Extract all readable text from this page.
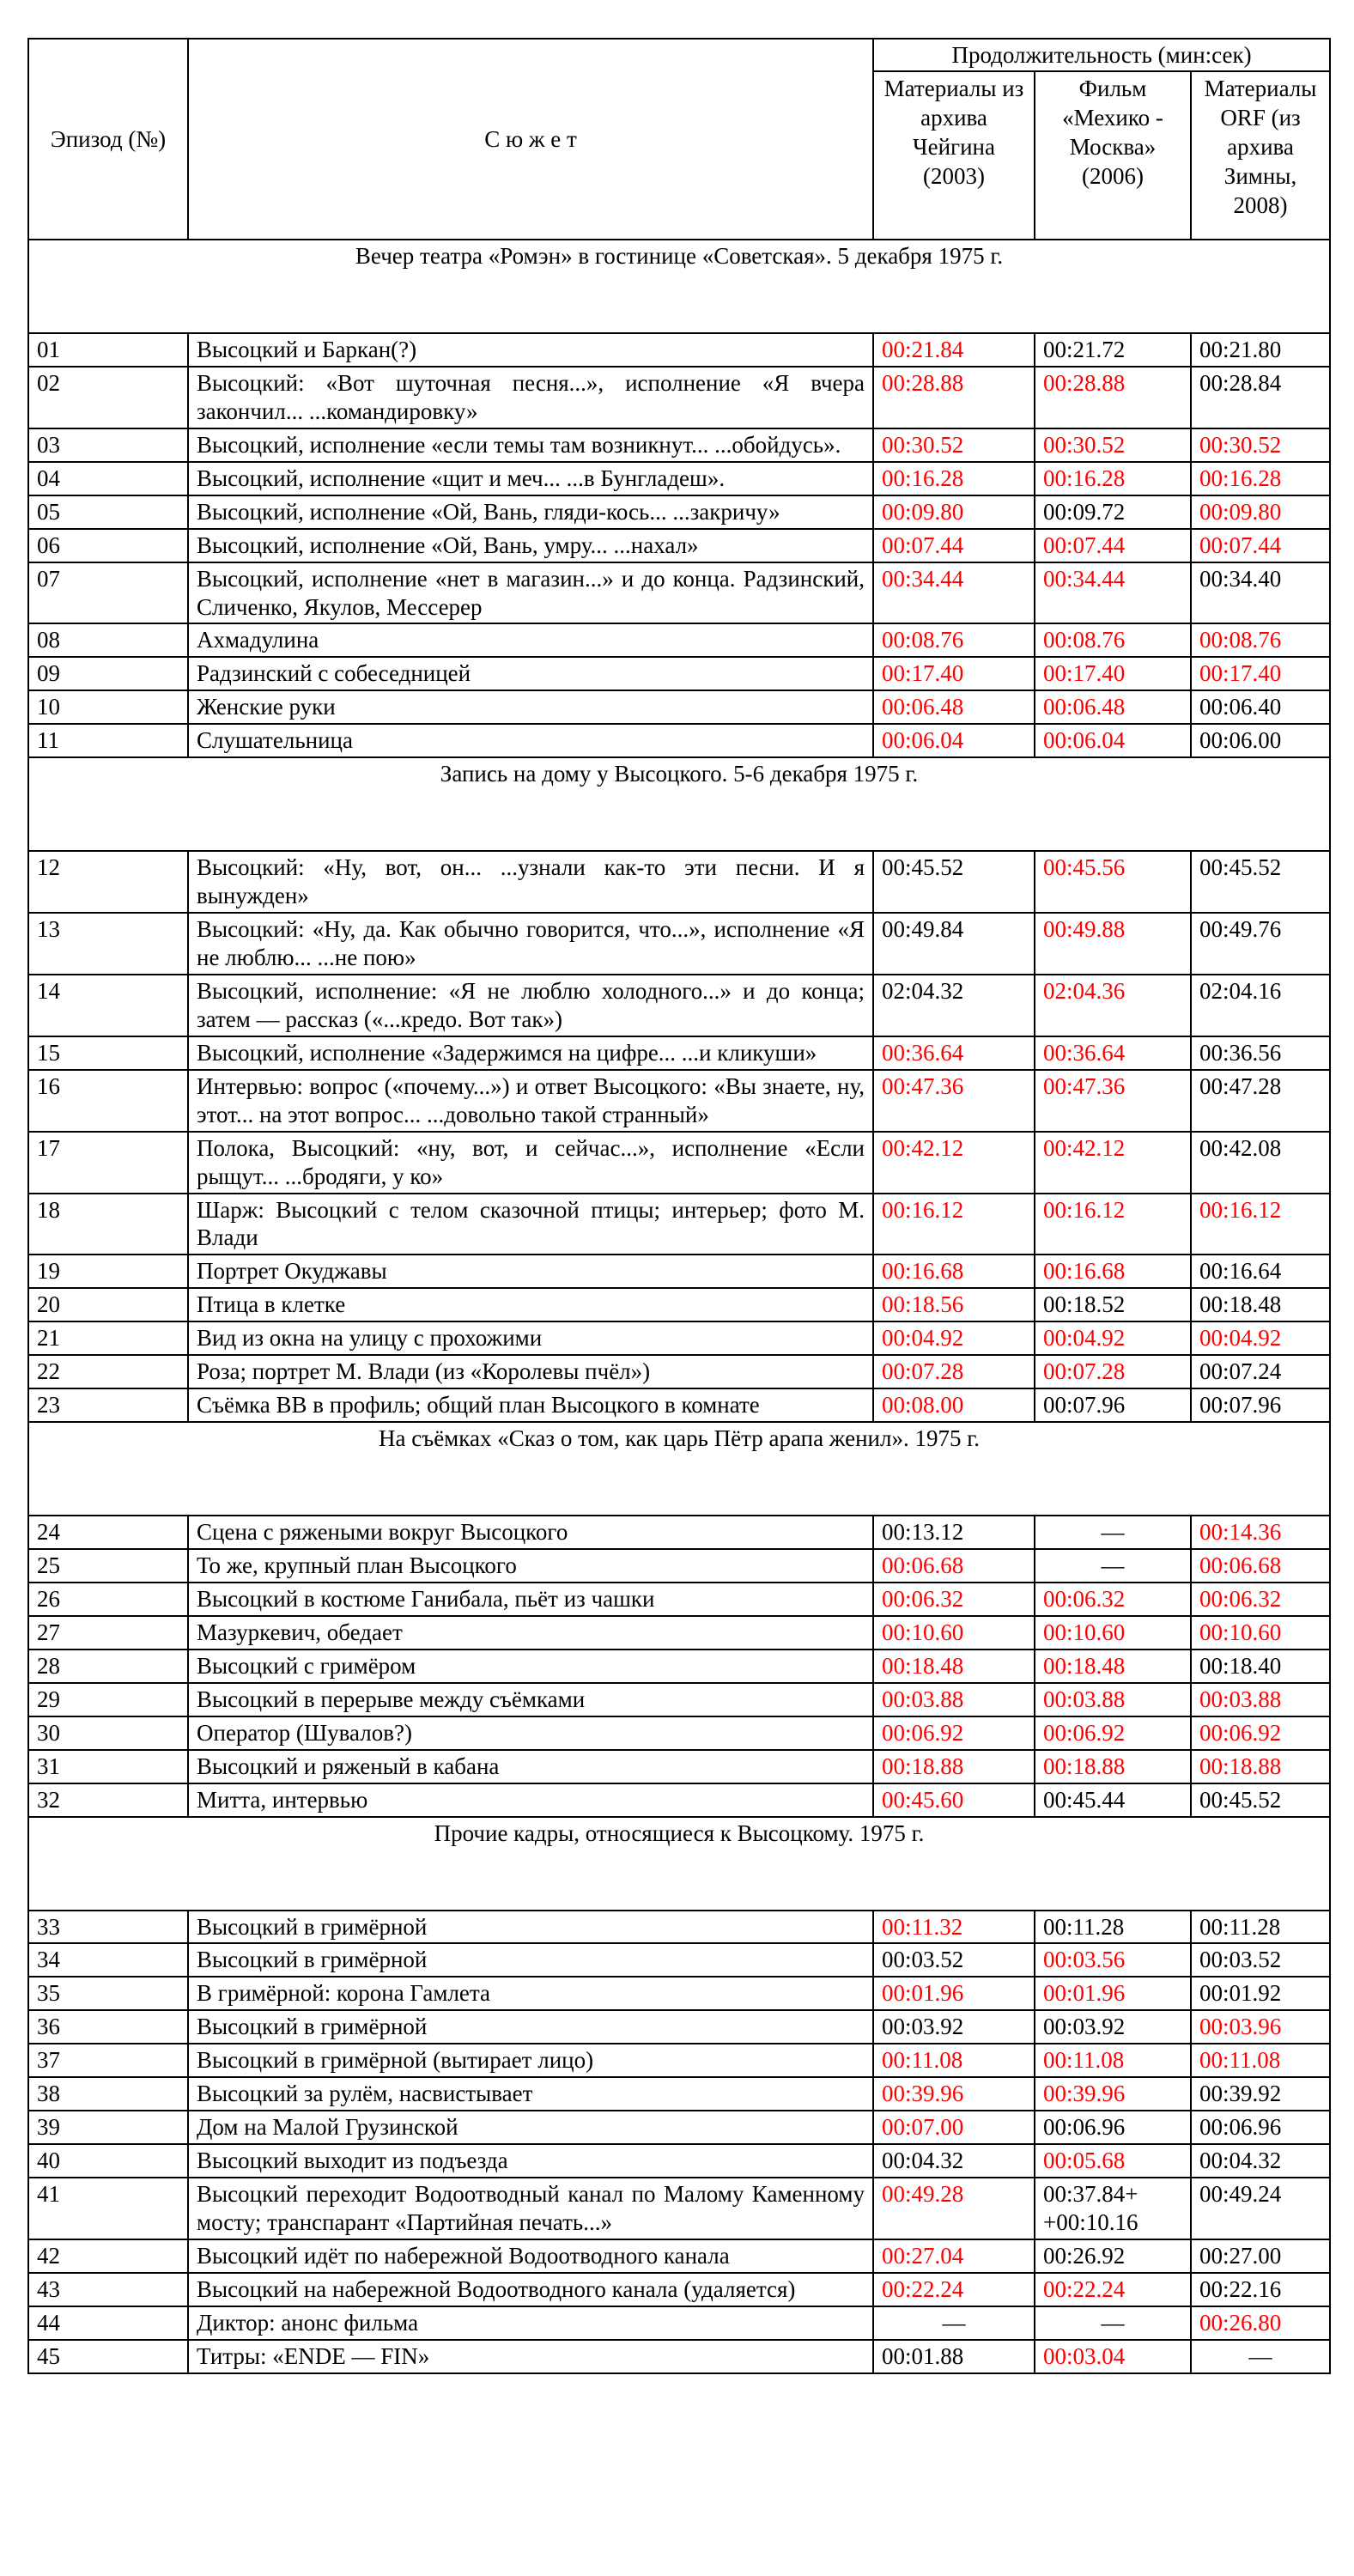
Эпизод (№)	С ю ж е т	Продолжительность (мин:сек)		
		Материалы из архива Чейгина (2003)	Фильм «Мехико - Москва» (2006)	Материалы ORF (из архива Зимны, 2008)
Вечер театра «Ромэн» в гостинице «Советская». 5 декабря 1975 г.				
01	Высоцкий и Баркан(?)	00:21.84	00:21.72	00:21.80
02	Высоцкий: «Вот шуточная песня...», исполнение «Я вчера закончил... ...командировку»	00:28.88	00:28.88	00:28.84
03	Высоцкий, исполнение «если темы там возникнут... ...обойдусь».	00:30.52	00:30.52	00:30.52
04	Высоцкий, исполнение «щит и меч... ...в Бунгладеш».	00:16.28	00:16.28	00:16.28
05	Высоцкий, исполнение «Ой, Вань, гляди-кось... ...закричу»	00:09.80	00:09.72	00:09.80
06	Высоцкий, исполнение «Ой, Вань, умру... ...нахал»	00:07.44	00:07.44	00:07.44
07	Высоцкий, исполнение «нет в магазин...» и до конца. Радзинский, Сличенко, Якулов, Мессерер	00:34.44	00:34.44	00:34.40
08	Ахмадулина	00:08.76	00:08.76	00:08.76
09	Радзинский с собеседницей	00:17.40	00:17.40	00:17.40
10	Женские руки	00:06.48	00:06.48	00:06.40
11	Слушательница	00:06.04	00:06.04	00:06.00
Запись на дому у Высоцкого. 5-6 декабря 1975 г.				
12	Высоцкий: «Ну, вот, он... ...узнали как-то эти песни. И я вынужден»	00:45.52	00:45.56	00:45.52
13	Высоцкий: «Ну, да. Как обычно говорится, что...», исполнение «Я не люблю... ...не пою»	00:49.84	00:49.88	00:49.76
14	Высоцкий, исполнение: «Я не люблю холодного...» и до конца; затем — рассказ («...кредо. Вот так»)	02:04.32	02:04.36	02:04.16
15	Высоцкий, исполнение «Задержимся на цифре... ...и кликуши»	00:36.64	00:36.64	00:36.56
16	Интервью: вопрос («почему...») и ответ Высоцкого: «Вы знаете, ну, этот... на этот вопрос... ...довольно такой странный»	00:47.36	00:47.36	00:47.28
17	Полока, Высоцкий: «ну, вот, и сейчас...», исполнение «Если рыщут... ...бродяги, у ко»	00:42.12	00:42.12	00:42.08
18	Шарж: Высоцкий с телом сказочной птицы; интерьер; фото М. Влади	00:16.12	00:16.12	00:16.12
19	Портрет Окуджавы	00:16.68	00:16.68	00:16.64
20	Птица в клетке	00:18.56	00:18.52	00:18.48
21	Вид из окна на улицу с прохожими	00:04.92	00:04.92	00:04.92
22	Роза; портрет М. Влади (из «Королевы пчёл»)	00:07.28	00:07.28	00:07.24
23	Съёмка ВВ в профиль; общий план Высоцкого в комнате	00:08.00	00:07.96	00:07.96
На съёмках «Сказ о том, как царь Пётр арапа женил». 1975 г.				
24	Сцена с ряжеными вокруг Высоцкого	00:13.12	—	00:14.36
25	То же, крупный план Высоцкого	00:06.68	—	00:06.68
26	Высоцкий в костюме Ганибала, пьёт из чашки	00:06.32	00:06.32	00:06.32
27	Мазуркевич, обедает	00:10.60	00:10.60	00:10.60
28	Высоцкий с гримёром	00:18.48	00:18.48	00:18.40
29	Высоцкий в перерыве между съёмками	00:03.88	00:03.88	00:03.88
30	Оператор (Шувалов?)	00:06.92	00:06.92	00:06.92
31	Высоцкий и ряженый в кабана	00:18.88	00:18.88	00:18.88
32	Митта, интервью	00:45.60	00:45.44	00:45.52
Прочие кадры, относящиеся к Высоцкому. 1975 г.				
33	Высоцкий в гримёрной	00:11.32	00:11.28	00:11.28
34	Высоцкий в гримёрной	00:03.52	00:03.56	00:03.52
35	В гримёрной: корона Гамлета	00:01.96	00:01.96	00:01.92
36	Высоцкий в гримёрной	00:03.92	00:03.92	00:03.96
37	Высоцкий в гримёрной (вытирает лицо)	00:11.08	00:11.08	00:11.08
38	Высоцкий за рулём, насвистывает	00:39.96	00:39.96	00:39.92
39	Дом на Малой Грузинской	00:07.00	00:06.96	00:06.96
40	Высоцкий выходит из подъезда	00:04.32	00:05.68	00:04.32
41	Высоцкий переходит Водоотводный канал по Малому Каменному мосту; транспарант «Партийная печать...»	00:49.28	00:37.84+ +00:10.16	00:49.24
42	Высоцкий идёт по набережной Водоотводного канала	00:27.04	00:26.92	00:27.00
43	Высоцкий на набережной Водоотводного канала (удаляется)	00:22.24	00:22.24	00:22.16
44	Диктор: анонс фильма	—	—	00:26.80
45	Титры: «ENDE — FIN»	00:01.88	00:03.04	—
